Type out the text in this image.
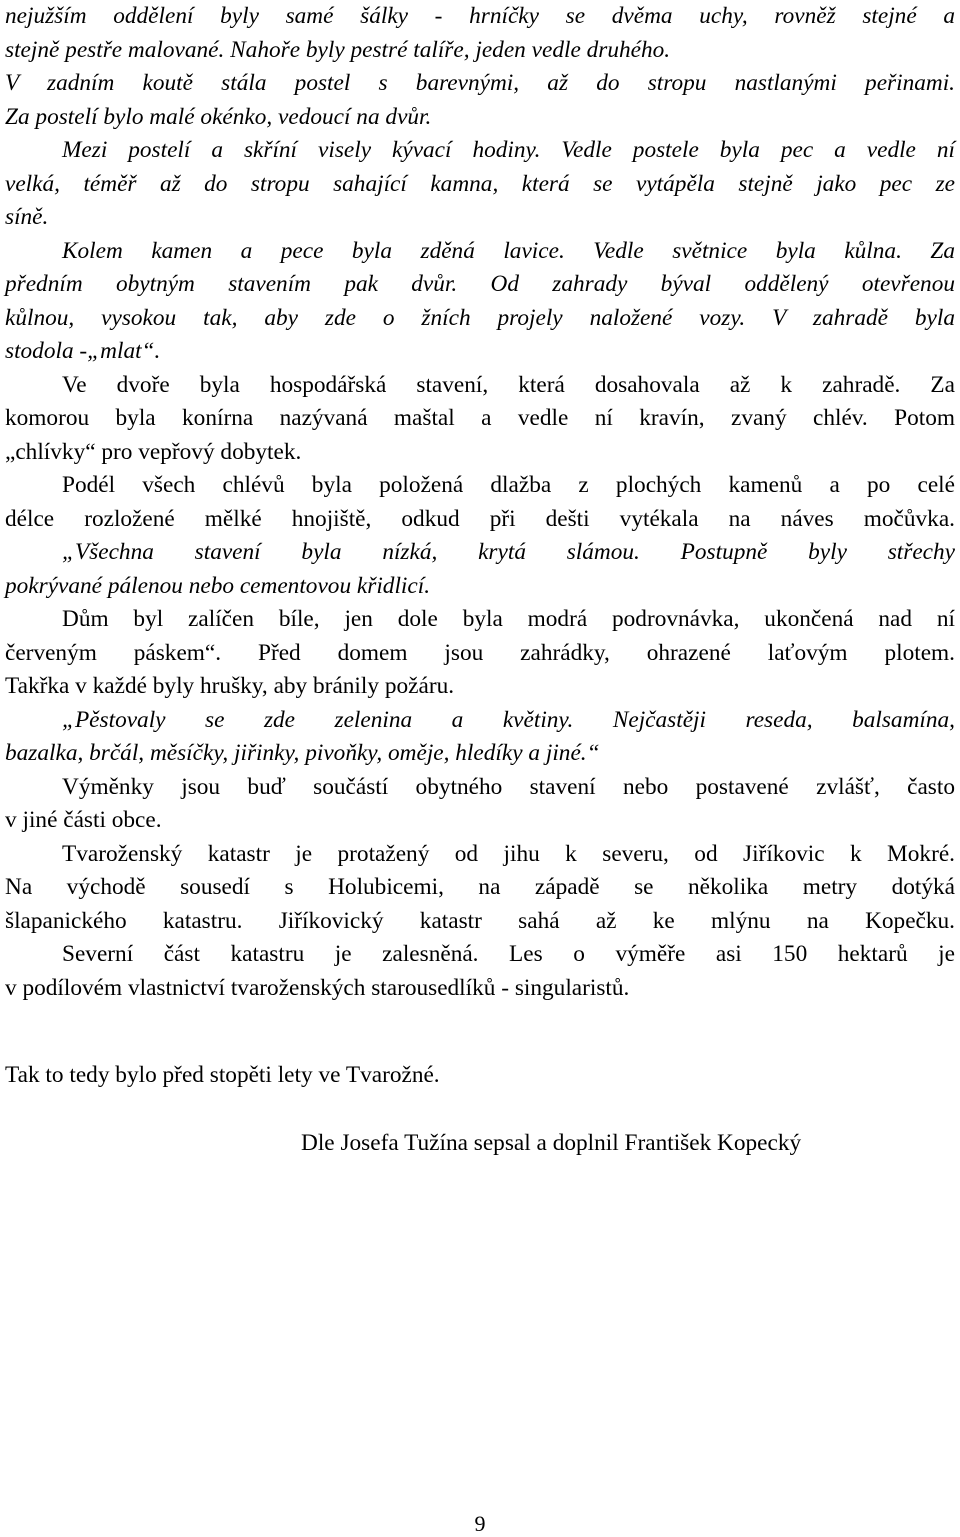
nejužším oddělení byly samé šálky - hrníčky se dvěma uchy, rovněž stejné a
stejně pestře malované. Nahoře byly pestré talíře, jeden vedle druhého.
V zadním koutě stála postel s barevnými, až do stropu nastlanými peřinami.
Za postelí bylo malé okénko, vedoucí na dvůr.
Mezi postelí a skříní visely kývací hodiny. Vedle postele byla pec a vedle ní
velká, téměř až do stropu sahající kamna, která se vytápěla stejně jako pec ze
síně.
Kolem kamen a pece byla zděná lavice. Vedle světnice byla kůlna. Za
předním obytným stavením pak dvůr. Od zahrady býval oddělený otevřenou
kůlnou, vysokou tak, aby zde o žních projely naložené vozy. V zahradě byla
stodola -„mlat“.
Ve dvoře byla hospodářská stavení, která dosahovala až k zahradě. Za
komorou byla konírna nazývaná maštal a vedle ní kravín, zvaný chlév. Potom
„chlívky“ pro vepřový dobytek.
Podél všech chlévů byla položená dlažba z plochých kamenů a po celé
délce rozložené mělké hnojiště, odkud při dešti vytékala na náves močůvka.
„Všechna stavení byla nízká, krytá slámou. Postupně byly střechy
pokrývané pálenou nebo cementovou křidlicí.
Dům byl zalíčen bíle, jen dole byla modrá podrovnávka, ukončená nad ní
červeným páskem“. Před domem jsou zahrádky, ohrazené laťovým plotem.
Takřka v každé byly hrušky, aby bránily požáru.
„Pěstovaly se zde zelenina a květiny. Nejčastěji reseda, balsamína,
bazalka, brčál, měsíčky, jiřinky, pivoňky, oměje, hledíky a jiné.“
Výměnky jsou buď součástí obytného stavení nebo postavené zvlášť, často
v jiné části obce.
Tvaroženský katastr je protažený od jihu k severu, od Jiříkovic k Mokré.
Na východě sousedí s Holubicemi, na západě se několika metry dotýká
šlapanického katastru. Jiříkovický katastr sahá až ke mlýnu na Kopečku.
Severní část katastru je zalesněná. Les o výměře asi 150 hektarů je
v podílovém vlastnictví tvaroženských starousedlíků - singularistů.
Tak to tedy bylo před stopěti lety ve Tvarožné.
Dle Josefa Tužína sepsal a doplnil František Kopecký
9
